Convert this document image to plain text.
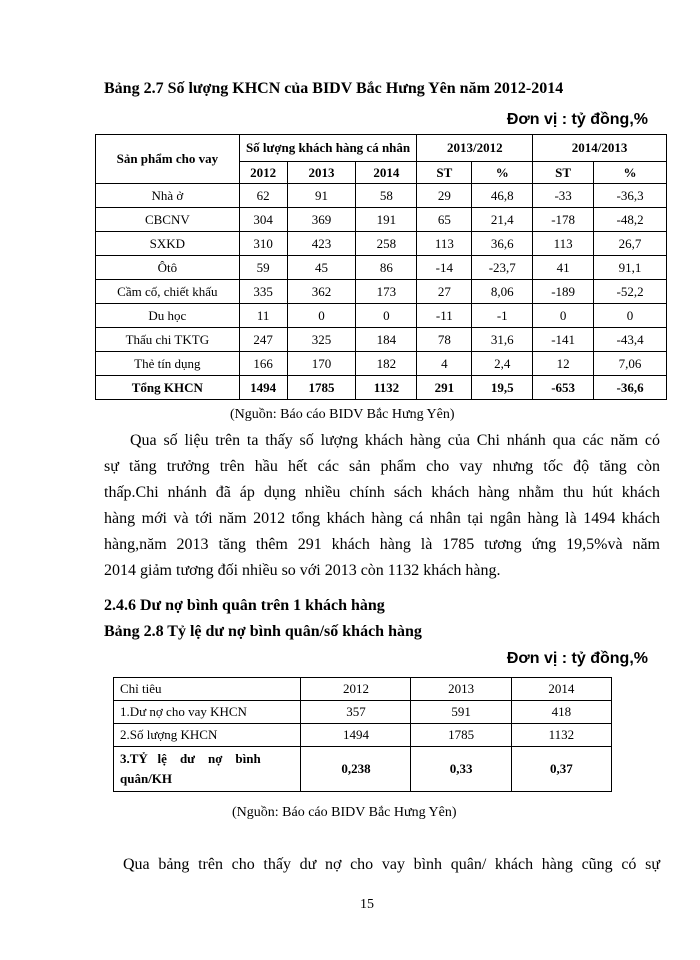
Bảng 2.7 Số lượng KHCN của BIDV Bắc Hưng Yên năm 2012-2014
Đơn vị : tỷ đồng,%
Sản phẩm cho vay	Số lượng khách hàng cá nhân			2013/2012		2014/2013	
	2012	2013	2014	ST	%	ST	%
Nhà ở	62	91	58	29	46,8	-33	-36,3
CBCNV	304	369	191	65	21,4	-178	-48,2
SXKD	310	423	258	113	36,6	113	26,7
Ôtô	59	45	86	-14	-23,7	41	91,1
Cầm cố, chiết khấu	335	362	173	27	8,06	-189	-52,2
Du học	11	0	0	-11	-1	0	0
Thấu chi TKTG	247	325	184	78	31,6	-141	-43,4
Thẻ tín dụng	166	170	182	4	2,4	12	7,06
Tổng KHCN	1494	1785	1132	291	19,5	-653	-36,6
(Nguồn: Báo cáo BIDV Bắc Hưng Yên)
Qua số liệu trên ta thấy số lượng khách hàng của Chi nhánh qua các năm có
sự tăng trưởng trên hầu hết các sản phẩm cho vay nhưng tốc độ tăng còn
thấp.Chi nhánh đã áp dụng nhiều chính sách khách hàng nhằm thu hút khách
hàng mới và tới năm 2012 tổng khách hàng cá nhân tại ngân hàng là 1494 khách
hàng,năm 2013 tăng thêm 291 khách hàng là 1785 tương ứng 19,5%và năm
2014 giảm tương đối nhiều so với 2013 còn 1132 khách hàng.
2.4.6 Dư nợ bình quân trên 1 khách hàng
Bảng 2.8 Tỷ lệ dư nợ bình quân/số khách hàng
Đơn vị : tỷ đồng,%
Chỉ tiêu	2012	2013	2014
1.Dư nợ cho vay KHCN	357	591	418
2.Số lượng KHCN	1494	1785	1132

3.TỶ   lệ    dư    nợ    bình
quân/KH	0,238	0,33	0,37
(Nguồn: Báo cáo BIDV Bắc Hưng Yên)
Qua bảng trên cho thấy dư nợ cho vay bình quân/ khách hàng cũng có sự
15
